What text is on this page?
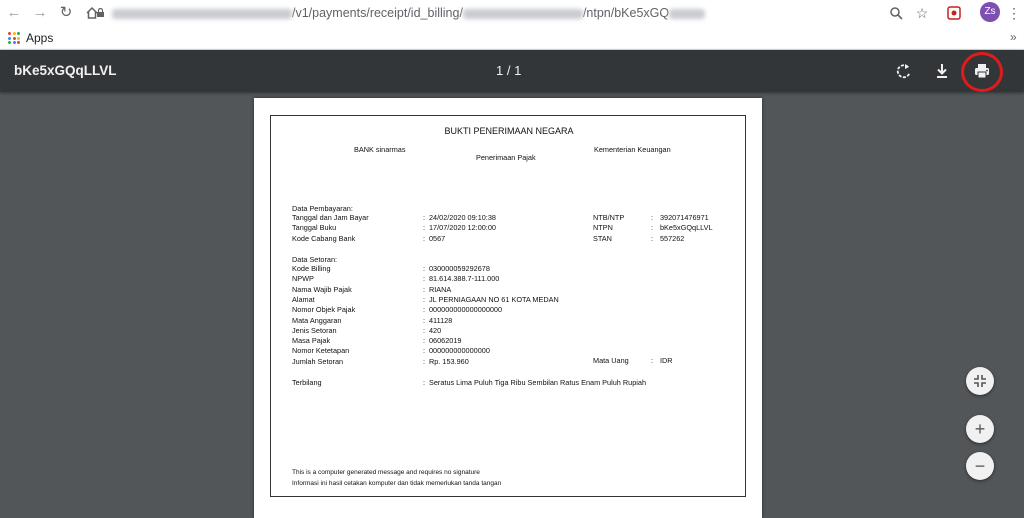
← → ↻	/v1/payments/receipt/id_billing/	/ntpn/bKe5xGQ	☆	Zs ⋮
Apps	»
bKe5xGQqLLVL	1 / 1
BUKTI PENERIMAAN NEGARA
BANK sinarmas	Kementerian Keuangan
Penerimaan Pajak
Data Pembayaran:
Tanggal dan Jam Bayar	: 24/02/2020 09:10:38
Tanggal Buku	: 17/07/2020 12:00:00
Kode Cabang Bank	: 0567
NTB/NTP	: 392071476971
NTPN	: bKe5xGQqLLVL
STAN	: 557262
Data Setoran:
Kode Billing	: 030000059292678
NPWP	: 81.614.388.7-111.000
Nama Wajib Pajak	: RIANA
Alamat	: JL PERNIAGAAN NO 61 KOTA MEDAN
Nomor Objek Pajak	: 000000000000000000
Mata Anggaran	: 411128
Jenis Setoran	: 420
Masa Pajak	: 06062019
Nomor Ketetapan	: 000000000000000
Jumlah Setoran	: Rp. 153.960	Mata Uang	: IDR
Terbilang	: Seratus Lima Puluh Tiga Ribu Sembilan Ratus Enam Puluh Rupiah
This is a computer generated message and requires no signature
Informasi ini hasil cetakan komputer dan tidak memerlukan tanda tangan
+
−
